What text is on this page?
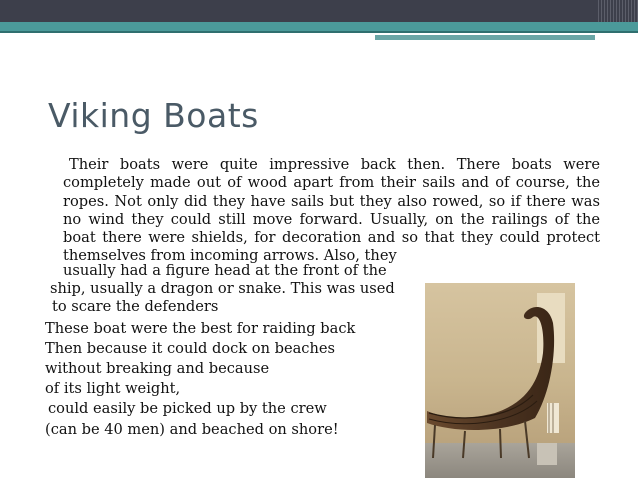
Viking Boats
Their boats were quite impressive back then. There boats were completely made out of wood apart from their sails and of course, the ropes. Not only did they have sails but they also rowed, so if there was no wind they could still move forward. Usually, on the railings of the boat there were shields, for decoration and so that they could protect themselves from incoming arrows. Also, they
usually had a figure head at the front of the
ship, usually a dragon or snake. This was used
to scare the defenders
These boat were the best for raiding back
Then because it could dock on beaches
without breaking and because
of its light weight,
could easily be picked up by the crew
(can be 40 men) and beached on shore!
